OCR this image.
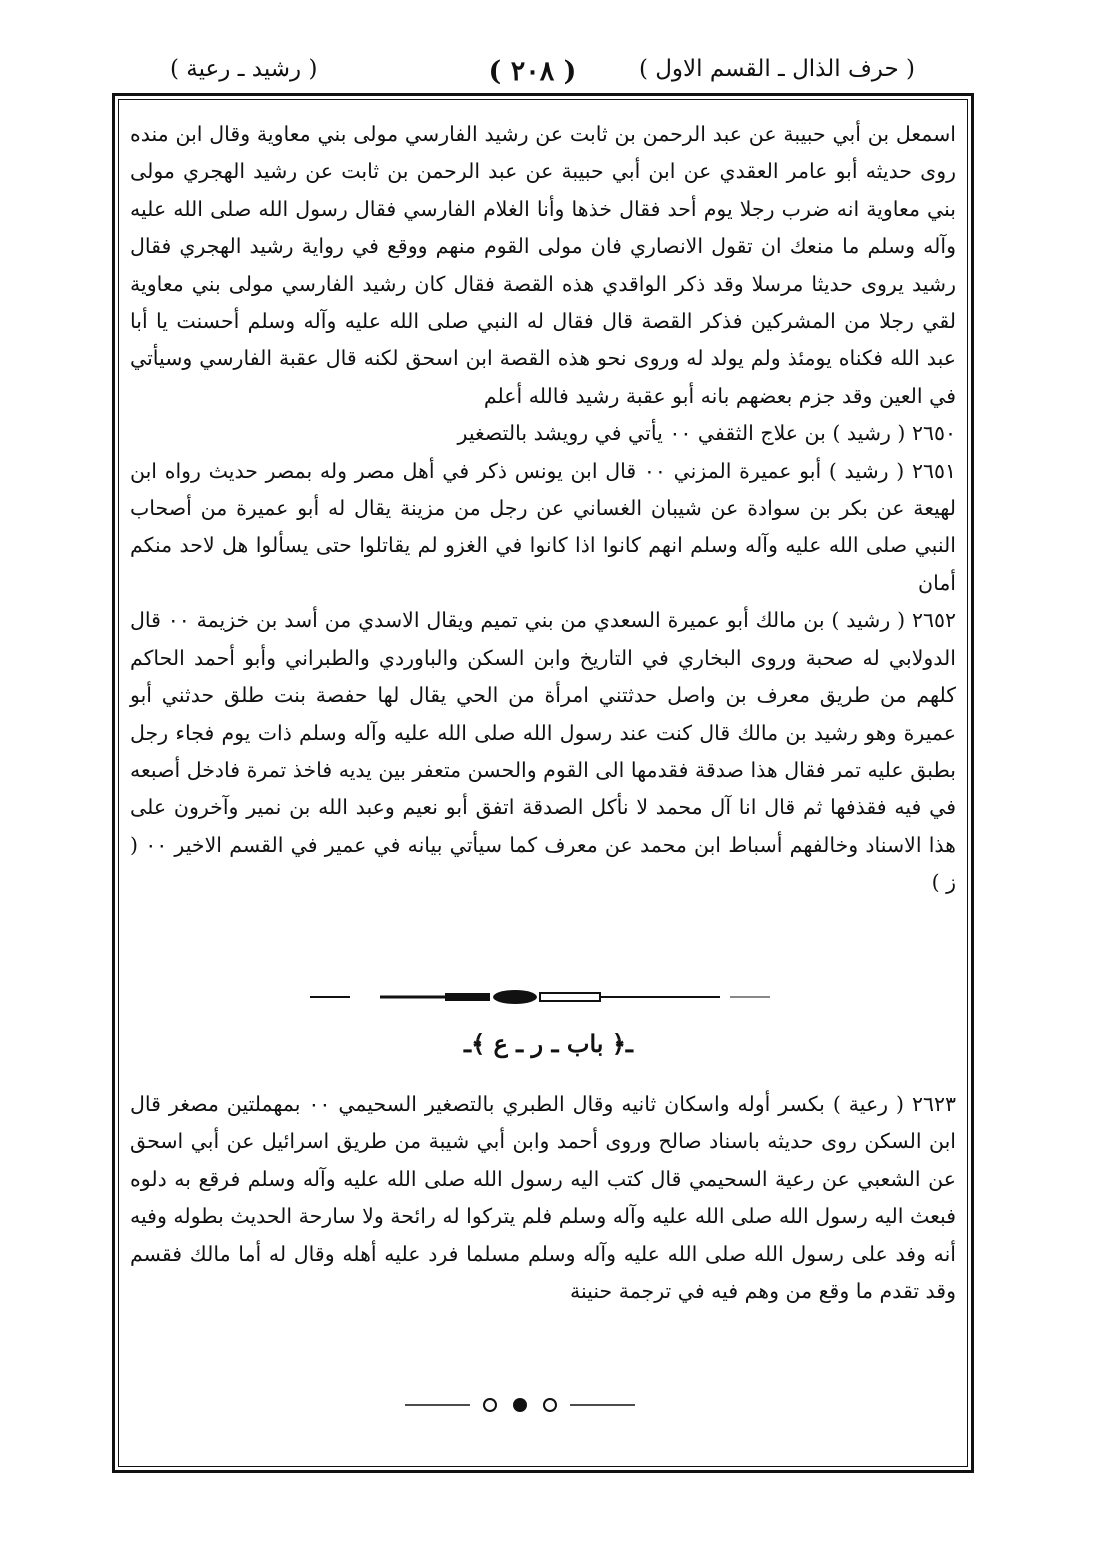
( حرف الذال ـ القسم الاول )
( ٢٠٨ )
( رشيد ـ رعية )

اسمعل بن أبي حبيبة عن عبد الرحمن بن ثابت عن رشيد الفارسي مولى بني معاوية وقال ابن منده روى حديثه أبو عامر العقدي عن ابن أبي حبيبة عن عبد الرحمن بن ثابت عن رشيد الهجري مولى بني معاوية انه ضرب رجلا يوم أحد فقال خذها وأنا الغلام الفارسي فقال رسول الله صلى الله عليه وآله وسلم ما منعك ان تقول الانصاري فان مولى القوم منهم ووقع في رواية رشيد الهجري فقال رشيد يروى حديثا مرسلا وقد ذكر الواقدي هذه القصة فقال كان رشيد الفارسي مولى بني معاوية لقي رجلا من المشركين فذكر القصة قال فقال له النبي صلى الله عليه وآله وسلم أحسنت يا أبا عبد الله فكناه يومئذ ولم يولد له وروى نحو هذه القصة ابن اسحق لكنه قال عقبة الفارسي وسيأتي في العين وقد جزم بعضهم بانه أبو عقبة رشيد فالله أعلم

٢٦٥٠ ( رشيد ) بن علاج الثقفي ٠٠ يأتي في رويشد بالتصغير

٢٦٥١ ( رشيد ) أبو عميرة المزني ٠٠ قال ابن يونس ذكر في أهل مصر وله بمصر حديث رواه ابن لهيعة عن بكر بن سوادة عن شيبان الغساني عن رجل من مزينة يقال له أبو عميرة من أصحاب النبي صلى الله عليه وآله وسلم انهم كانوا اذا كانوا في الغزو لم يقاتلوا حتى يسألوا هل لاحد منكم أمان

٢٦٥٢ ( رشيد ) بن مالك أبو عميرة السعدي من بني تميم ويقال الاسدي من أسد بن خزيمة ٠٠ قال الدولابي له صحبة وروى البخاري في التاريخ وابن السكن والباوردي والطبراني وأبو أحمد الحاكم كلهم من طريق معرف بن واصل حدثتني امرأة من الحي يقال لها حفصة بنت طلق حدثني أبو عميرة وهو رشيد بن مالك قال كنت عند رسول الله صلى الله عليه وآله وسلم ذات يوم فجاء رجل بطبق عليه تمر فقال هذا صدقة فقدمها الى القوم والحسن متعفر بين يديه فاخذ تمرة فادخل أصبعه في فيه فقذفها ثم قال انا آل محمد لا نأكل الصدقة اتفق أبو نعيم وعبد الله بن نمير وآخرون على هذا الاسناد وخالفهم أسباط ابن محمد عن معرف كما سيأتي بيانه في عمير في القسم الاخير ٠٠ ( ز )

ـ﴿ باب ـ ر ـ ع ﴾ـ

٢٦٢٣ ( رعية ) بكسر أوله واسكان ثانيه وقال الطبري بالتصغير السحيمي ٠٠ بمهملتين مصغر قال ابن السكن روى حديثه باسناد صالح وروى أحمد وابن أبي شيبة من طريق اسرائيل عن أبي اسحق عن الشعبي عن رعية السحيمي قال كتب اليه رسول الله صلى الله عليه وآله وسلم فرقع به دلوه فبعث اليه رسول الله صلى الله عليه وآله وسلم فلم يتركوا له رائحة ولا سارحة الحديث بطوله وفيه أنه وفد على رسول الله صلى الله عليه وآله وسلم مسلما فرد عليه أهله وقال له أما مالك فقسم وقد تقدم ما وقع من وهم فيه في ترجمة حنينة
